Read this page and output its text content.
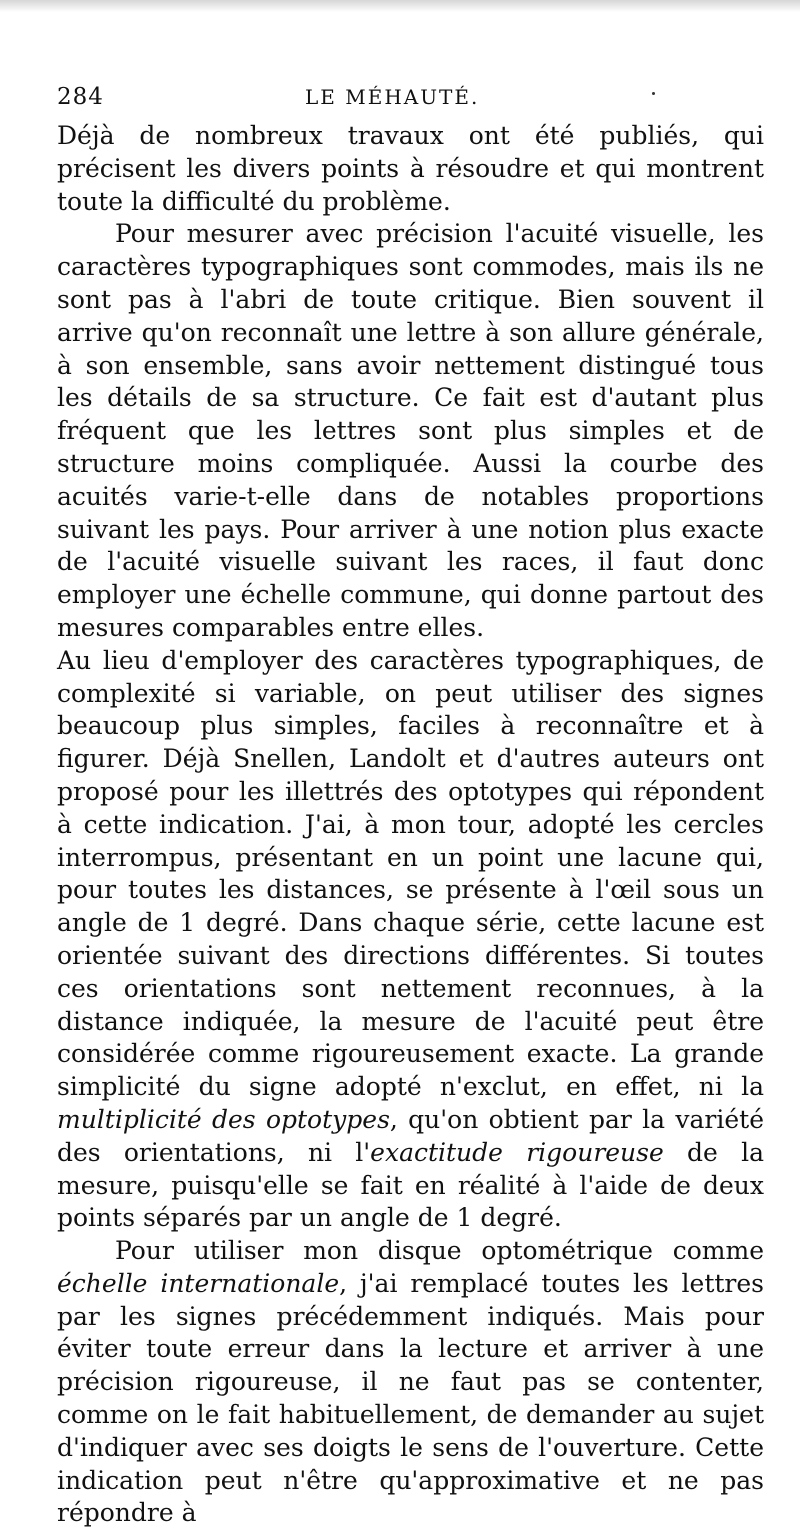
284	LE MÉHAUTÉ.

Déjà de nombreux travaux ont été publiés, qui précisent les divers points à résoudre et qui montrent toute la difficulté du problème.

Pour mesurer avec précision l'acuité visuelle, les caractères typographiques sont commodes, mais ils ne sont pas à l'abri de toute critique. Bien souvent il arrive qu'on reconnaît une lettre à son allure générale, à son ensemble, sans avoir nettement distingué tous les détails de sa structure. Ce fait est d'autant plus fréquent que les lettres sont plus simples et de structure moins compliquée. Aussi la courbe des acuités varie-t-elle dans de notables proportions suivant les pays. Pour arriver à une notion plus exacte de l'acuité visuelle suivant les races, il faut donc employer une échelle commune, qui donne partout des mesures comparables entre elles.

Au lieu d'employer des caractères typographiques, de complexité si variable, on peut utiliser des signes beaucoup plus simples, faciles à reconnaître et à figurer. Déjà Snellen, Landolt et d'autres auteurs ont proposé pour les illettrés des optotypes qui répondent à cette indication. J'ai, à mon tour, adopté les cercles interrompus, présentant en un point une lacune qui, pour toutes les distances, se présente à l'œil sous un angle de 1 degré. Dans chaque série, cette lacune est orientée suivant des directions différentes. Si toutes ces orientations sont nettement reconnues, à la distance indiquée, la mesure de l'acuité peut être considérée comme rigoureusement exacte. La grande simplicité du signe adopté n'exclut, en effet, ni la multiplicité des optotypes, qu'on obtient par la variété des orientations, ni l'exactitude rigoureuse de la mesure, puisqu'elle se fait en réalité à l'aide de deux points séparés par un angle de 1 degré.

Pour utiliser mon disque optométrique comme échelle internationale, j'ai remplacé toutes les lettres par les signes précédemment indiqués. Mais pour éviter toute erreur dans la lecture et arriver à une précision rigoureuse, il ne faut pas se contenter, comme on le fait habituellement, de demander au sujet d'indiquer avec ses doigts le sens de l'ouverture. Cette indication peut n'être qu'approximative et ne pas répondre à
